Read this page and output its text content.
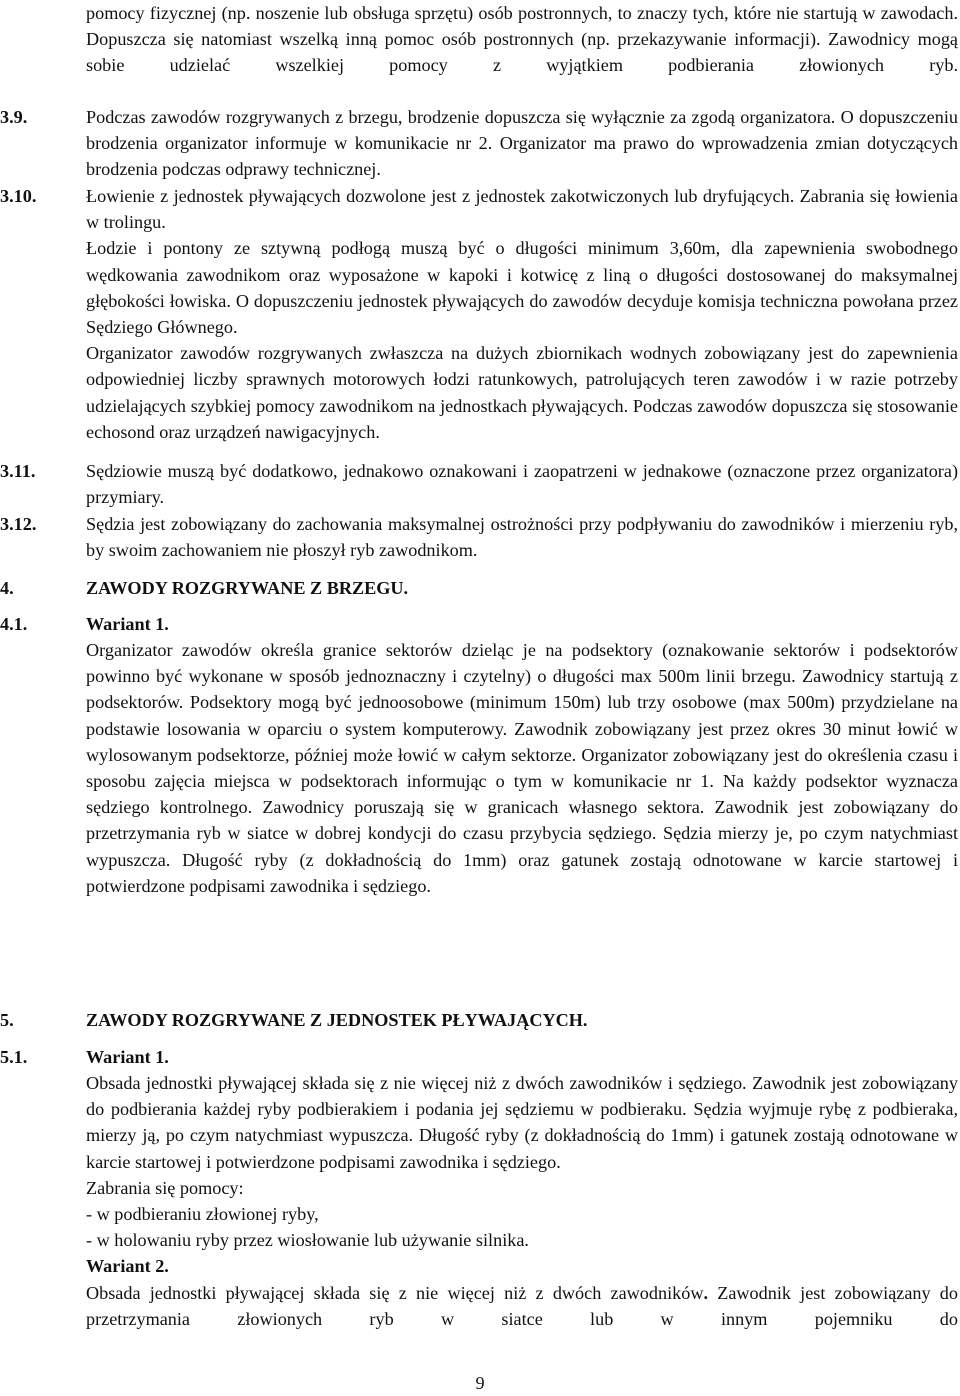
pomocy fizycznej (np. noszenie lub obsługa sprzętu) osób postronnych, to znaczy tych, które nie startują w zawodach. Dopuszcza się natomiast wszelką inną pomoc osób postronnych (np. przekazywanie informacji). Zawodnicy mogą sobie udzielać wszelkiej pomocy z wyjątkiem podbierania złowionych ryb.
3.9.	Podczas zawodów rozgrywanych z brzegu, brodzenie dopuszcza się wyłącznie za zgodą organizatora. O dopuszczeniu brodzenia organizator informuje w komunikacie nr 2. Organizator ma prawo do wprowadzenia zmian dotyczących brodzenia podczas odprawy technicznej.
3.10.	Łowienie z jednostek pływających dozwolone jest z jednostek zakotwiczonych lub dryfujących. Zabrania się łowienia w trolingu.
Łodzie i pontony ze sztywną podłogą muszą być o długości minimum 3,60m, dla zapewnienia swobodnego wędkowania zawodnikom oraz wyposażone w kapoki i kotwicę z liną o długości dostosowanej do maksymalnej głębokości łowiska. O dopuszczeniu jednostek pływających do zawodów decyduje komisja techniczna powołana przez Sędziego Głównego.
Organizator zawodów rozgrywanych zwłaszcza na dużych zbiornikach wodnych zobowiązany jest do zapewnienia odpowiedniej liczby sprawnych motorowych łodzi ratunkowych, patrolujących teren zawodów i w razie potrzeby udzielających szybkiej pomocy zawodnikom na jednostkach pływających. Podczas zawodów dopuszcza się stosowanie echosond oraz urządzeń nawigacyjnych.
3.11.	Sędziowie muszą być dodatkowo, jednakowo oznakowani i zaopatrzeni w jednakowe (oznaczone przez organizatora) przymiary.
3.12.	Sędzia jest zobowiązany do zachowania maksymalnej ostrożności przy podpływaniu do zawodników i mierzeniu ryb, by swoim zachowaniem nie płoszył ryb zawodnikom.
4.	ZAWODY ROZGRYWANE Z BRZEGU.
4.1.	Wariant 1.
Organizator zawodów określa granice sektorów dzieląc je na podsektory (oznakowanie sektorów i podsektorów powinno być wykonane w sposób jednoznaczny i czytelny) o długości max 500m linii brzegu. Zawodnicy startują z podsektorów. Podsektory mogą być jednoosobowe (minimum 150m) lub trzy osobowe (max 500m) przydzielane na podstawie losowania w oparciu o system komputerowy. Zawodnik zobowiązany jest przez okres 30 minut łowić w wylosowanym podsektorze, później może łowić w całym sektorze. Organizator zobowiązany jest do określenia czasu i sposobu zajęcia miejsca w podsektorach informując o tym w komunikacie nr 1. Na każdy podsektor wyznacza sędziego kontrolnego. Zawodnicy poruszają się w granicach własnego sektora. Zawodnik jest zobowiązany do przetrzymania ryb w siatce w dobrej kondycji do czasu przybycia sędziego. Sędzia mierzy je, po czym natychmiast wypuszcza. Długość ryby (z dokładnością do 1mm) oraz gatunek zostają odnotowane w karcie startowej i potwierdzone podpisami zawodnika i sędziego.
5.	ZAWODY ROZGRYWANE Z JEDNOSTEK PŁYWAJĄCYCH.
5.1.	Wariant 1.
Obsada jednostki pływającej składa się z nie więcej niż z dwóch zawodników i sędziego. Zawodnik jest zobowiązany do podbierania każdej ryby podbierakiem i podania jej sędziemu w podbieraku. Sędzia wyjmuje rybę z podbieraka, mierzy ją, po czym natychmiast wypuszcza. Długość ryby (z dokładnością do 1mm) i gatunek zostają odnotowane w karcie startowej i potwierdzone podpisami zawodnika i sędziego.
Zabrania się pomocy:
- w podbieraniu złowionej ryby,
- w holowaniu ryby przez wiosłowanie lub używanie silnika.
Wariant 2.
Obsada jednostki pływającej składa się z nie więcej niż z dwóch zawodników. Zawodnik jest zobowiązany do przetrzymania złowionych ryb w siatce lub w innym pojemniku do
9
